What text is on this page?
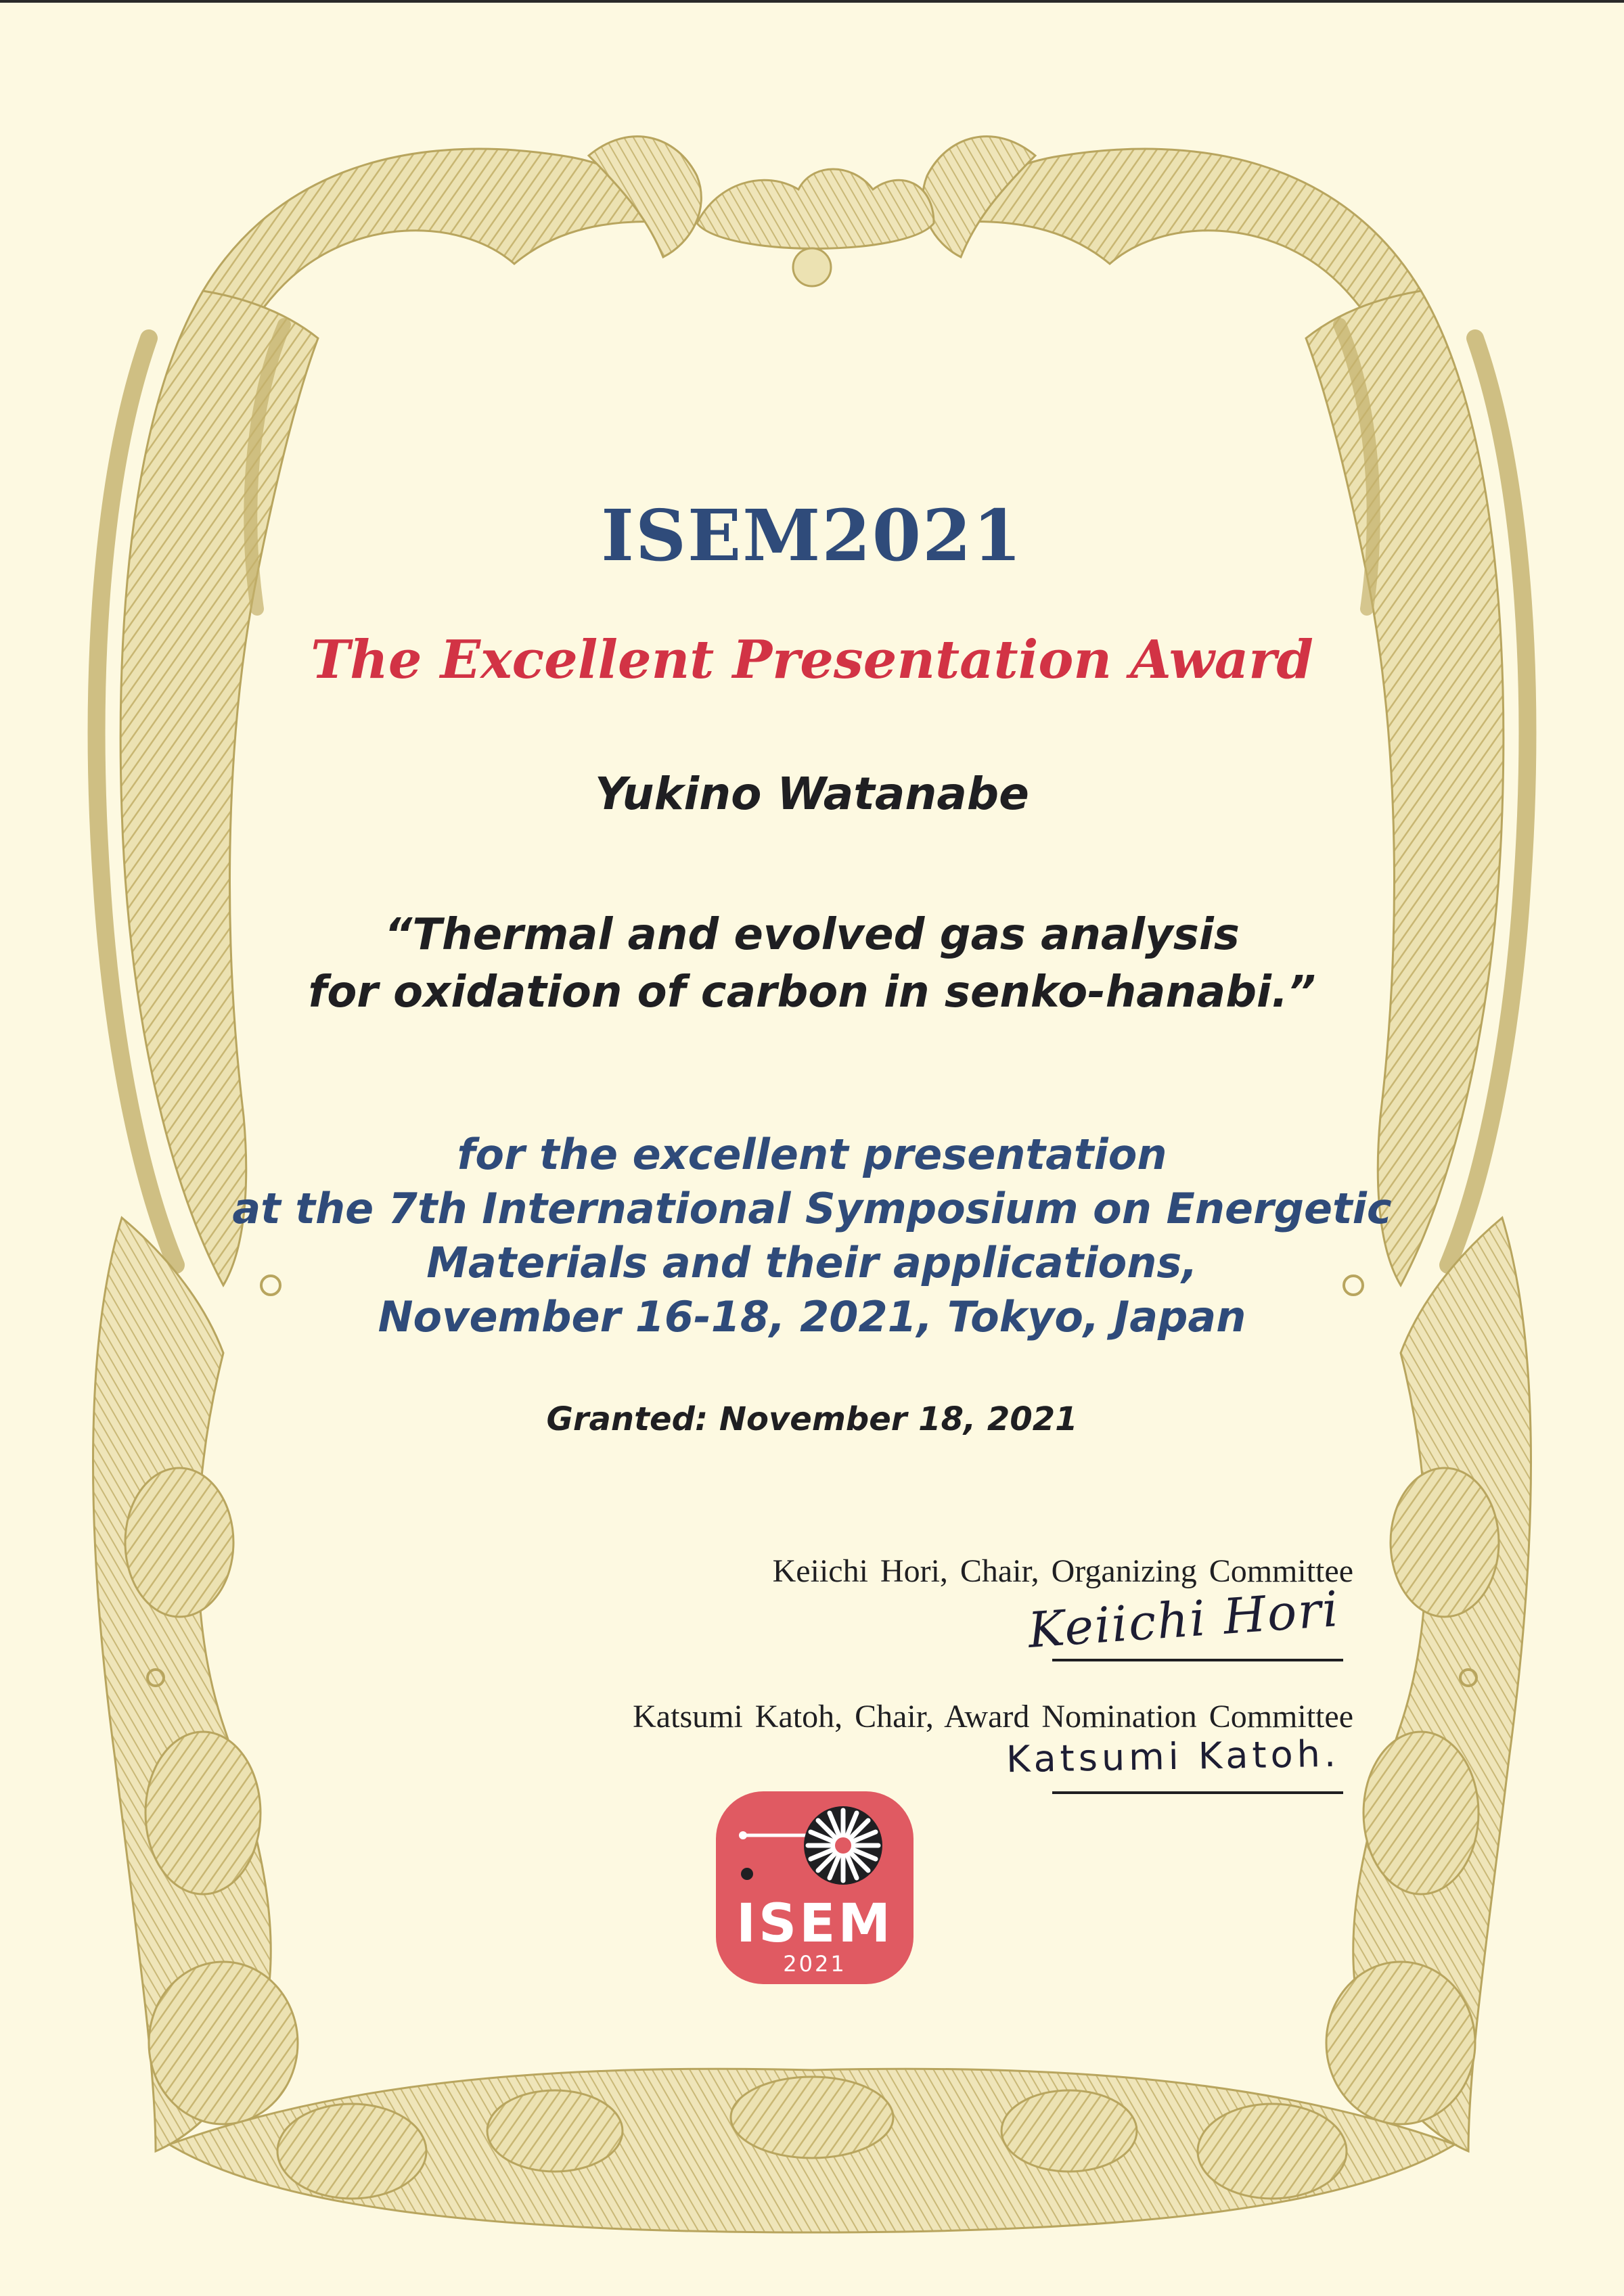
ISEM2021
The Excellent Presentation Award
Yukino Watanabe
“Thermal and evolved gas analysis
for oxidation of carbon in senko-hanabi.”
for the excellent presentation
at the 7th International Symposium on Energetic
Materials and their applications,
November 16-18, 2021, Tokyo, Japan
Granted: November 18, 2021
Keiichi Hori, Chair, Organizing Committee
Keiichi Hori
Katsumi Katoh, Chair, Award Nomination Committee
Katsumi Katoh.
ISEM
2021
